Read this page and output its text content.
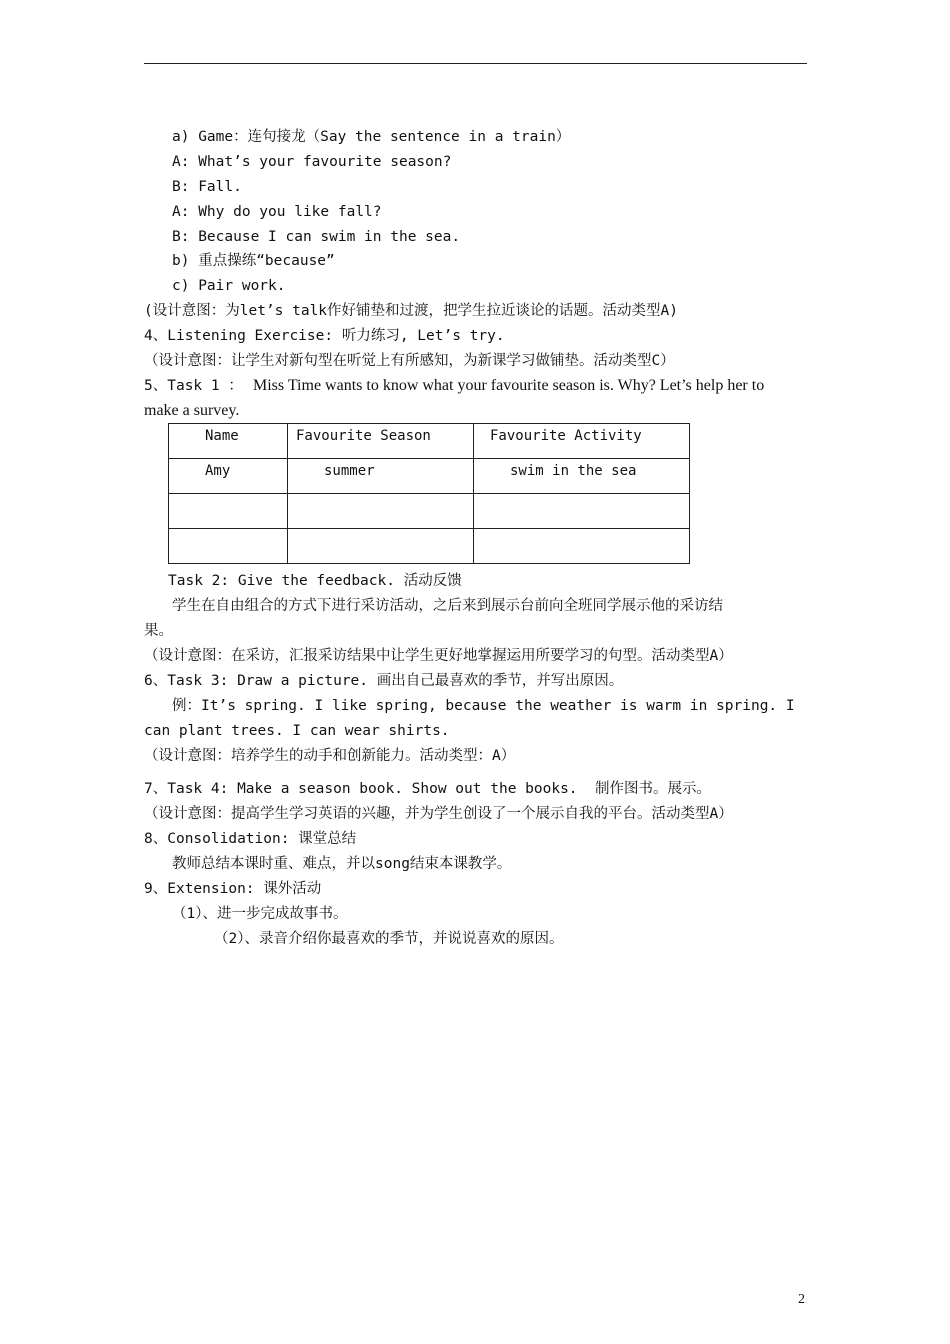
a) Game：连句接龙（Say the sentence in a train）
A: What’s your favourite season?
B: Fall.
A: Why do you like fall?
B: Because I can swim in the sea.
b) 重点操练“because”
c) Pair work.
(设计意图：为let’s talk作好铺垫和过渡，把学生拉近谈论的话题。活动类型A)
4、Listening Exercise: 听力练习, Let’s try.
（设计意图：让学生对新句型在听觉上有所感知，为新课学习做铺垫。活动类型C）
5、Task 1 ： Miss Time wants to know what your favourite season is. Why? Let’s help her to
make a survey.
Name	Favourite Season	Favourite Activity

Amy	summer	swim in the sea

Task 2: Give the feedback. 活动反馈
学生在自由组合的方式下进行采访活动，之后来到展示台前向全班同学展示他的采访结
果。
（设计意图：在采访，汇报采访结果中让学生更好地掌握运用所要学习的句型。活动类型A）
6、Task 3: Draw a picture. 画出自己最喜欢的季节，并写出原因。
例：It’s spring. I like spring, because the weather is warm in spring. I
can plant trees. I can wear shirts.
（设计意图：培养学生的动手和创新能力。活动类型：A）
7、Task 4: Make a season book. Show out the books.  制作图书。展示。
（设计意图：提高学生学习英语的兴趣，并为学生创设了一个展示自我的平台。活动类型A）
8、Consolidation: 课堂总结
教师总结本课时重、难点，并以song结束本课教学。
9、Extension: 课外活动
（1）、进一步完成故事书。
（2）、录音介绍你最喜欢的季节，并说说喜欢的原因。
2
